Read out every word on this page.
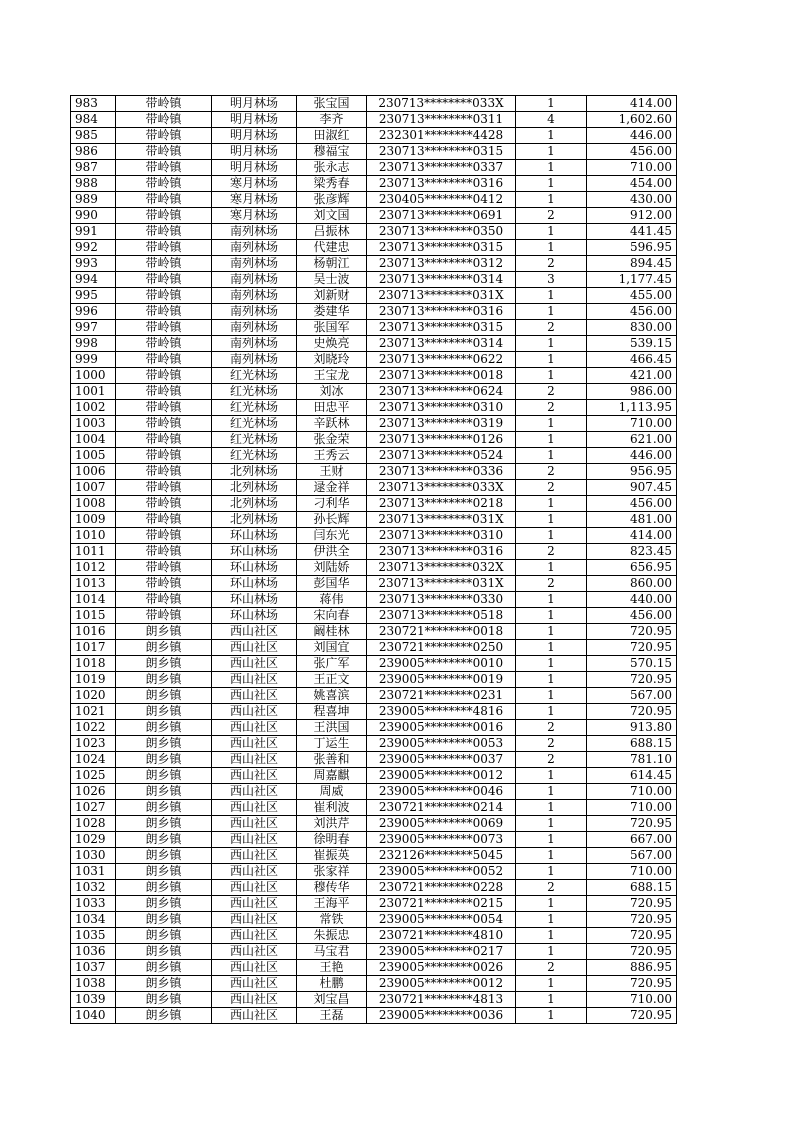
983	带岭镇	明月林场	张宝国	230713********033X	1	414.00
984	带岭镇	明月林场	李齐	230713********0311	4	1,602.60
985	带岭镇	明月林场	田淑红	232301********4428	1	446.00
986	带岭镇	明月林场	穆福宝	230713********0315	1	456.00
987	带岭镇	明月林场	张永志	230713********0337	1	710.00
988	带岭镇	寒月林场	梁秀春	230713********0316	1	454.00
989	带岭镇	寒月林场	张彦辉	230405********0412	1	430.00
990	带岭镇	寒月林场	刘文国	230713********0691	2	912.00
991	带岭镇	南列林场	吕振林	230713********0350	1	441.45
992	带岭镇	南列林场	代建忠	230713********0315	1	596.95
993	带岭镇	南列林场	杨朝江	230713********0312	2	894.45
994	带岭镇	南列林场	吴士波	230713********0314	3	1,177.45
995	带岭镇	南列林场	刘新财	230713********031X	1	455.00
996	带岭镇	南列林场	娄建华	230713********0316	1	456.00
997	带岭镇	南列林场	张国军	230713********0315	2	830.00
998	带岭镇	南列林场	史焕亮	230713********0314	1	539.15
999	带岭镇	南列林场	刘晓玲	230713********0622	1	466.45
1000	带岭镇	红光林场	王宝龙	230713********0018	1	421.00
1001	带岭镇	红光林场	刘冰	230713********0624	2	986.00
1002	带岭镇	红光林场	田忠平	230713********0310	2	1,113.95
1003	带岭镇	红光林场	辛跃林	230713********0319	1	710.00
1004	带岭镇	红光林场	张金荣	230713********0126	1	621.00
1005	带岭镇	红光林场	王秀云	230713********0524	1	446.00
1006	带岭镇	北列林场	王财	230713********0336	2	956.95
1007	带岭镇	北列林场	逯金祥	230713********033X	2	907.45
1008	带岭镇	北列林场	刁利华	230713********0218	1	456.00
1009	带岭镇	北列林场	孙长辉	230713********031X	1	481.00
1010	带岭镇	环山林场	闫东光	230713********0310	1	414.00
1011	带岭镇	环山林场	伊洪全	230713********0316	2	823.45
1012	带岭镇	环山林场	刘陆娇	230713********032X	1	656.95
1013	带岭镇	环山林场	彭国华	230713********031X	2	860.00
1014	带岭镇	环山林场	蒋伟	230713********0330	1	440.00
1015	带岭镇	环山林场	宋向春	230713********0518	1	456.00
1016	朗乡镇	西山社区	阚桂林	230721********0018	1	720.95
1017	朗乡镇	西山社区	刘国宜	230721********0250	1	720.95
1018	朗乡镇	西山社区	张广军	239005********0010	1	570.15
1019	朗乡镇	西山社区	王正文	239005********0019	1	720.95
1020	朗乡镇	西山社区	姚喜滨	230721********0231	1	567.00
1021	朗乡镇	西山社区	程喜坤	239005********4816	1	720.95
1022	朗乡镇	西山社区	王洪国	239005********0016	2	913.80
1023	朗乡镇	西山社区	丁运生	239005********0053	2	688.15
1024	朗乡镇	西山社区	张善和	239005********0037	2	781.10
1025	朗乡镇	西山社区	周嘉麒	239005********0012	1	614.45
1026	朗乡镇	西山社区	周威	239005********0046	1	710.00
1027	朗乡镇	西山社区	崔利波	230721********0214	1	710.00
1028	朗乡镇	西山社区	刘洪芹	239005********0069	1	720.95
1029	朗乡镇	西山社区	徐明春	239005********0073	1	667.00
1030	朗乡镇	西山社区	崔振英	232126********5045	1	567.00
1031	朗乡镇	西山社区	张家祥	239005********0052	1	710.00
1032	朗乡镇	西山社区	穆传华	230721********0228	2	688.15
1033	朗乡镇	西山社区	王海平	230721********0215	1	720.95
1034	朗乡镇	西山社区	常铁	239005********0054	1	720.95
1035	朗乡镇	西山社区	朱振忠	230721********4810	1	720.95
1036	朗乡镇	西山社区	马宝君	239005********0217	1	720.95
1037	朗乡镇	西山社区	王艳	239005********0026	2	886.95
1038	朗乡镇	西山社区	杜鹏	239005********0012	1	720.95
1039	朗乡镇	西山社区	刘宝昌	230721********4813	1	710.00
1040	朗乡镇	西山社区	王磊	239005********0036	1	720.95
